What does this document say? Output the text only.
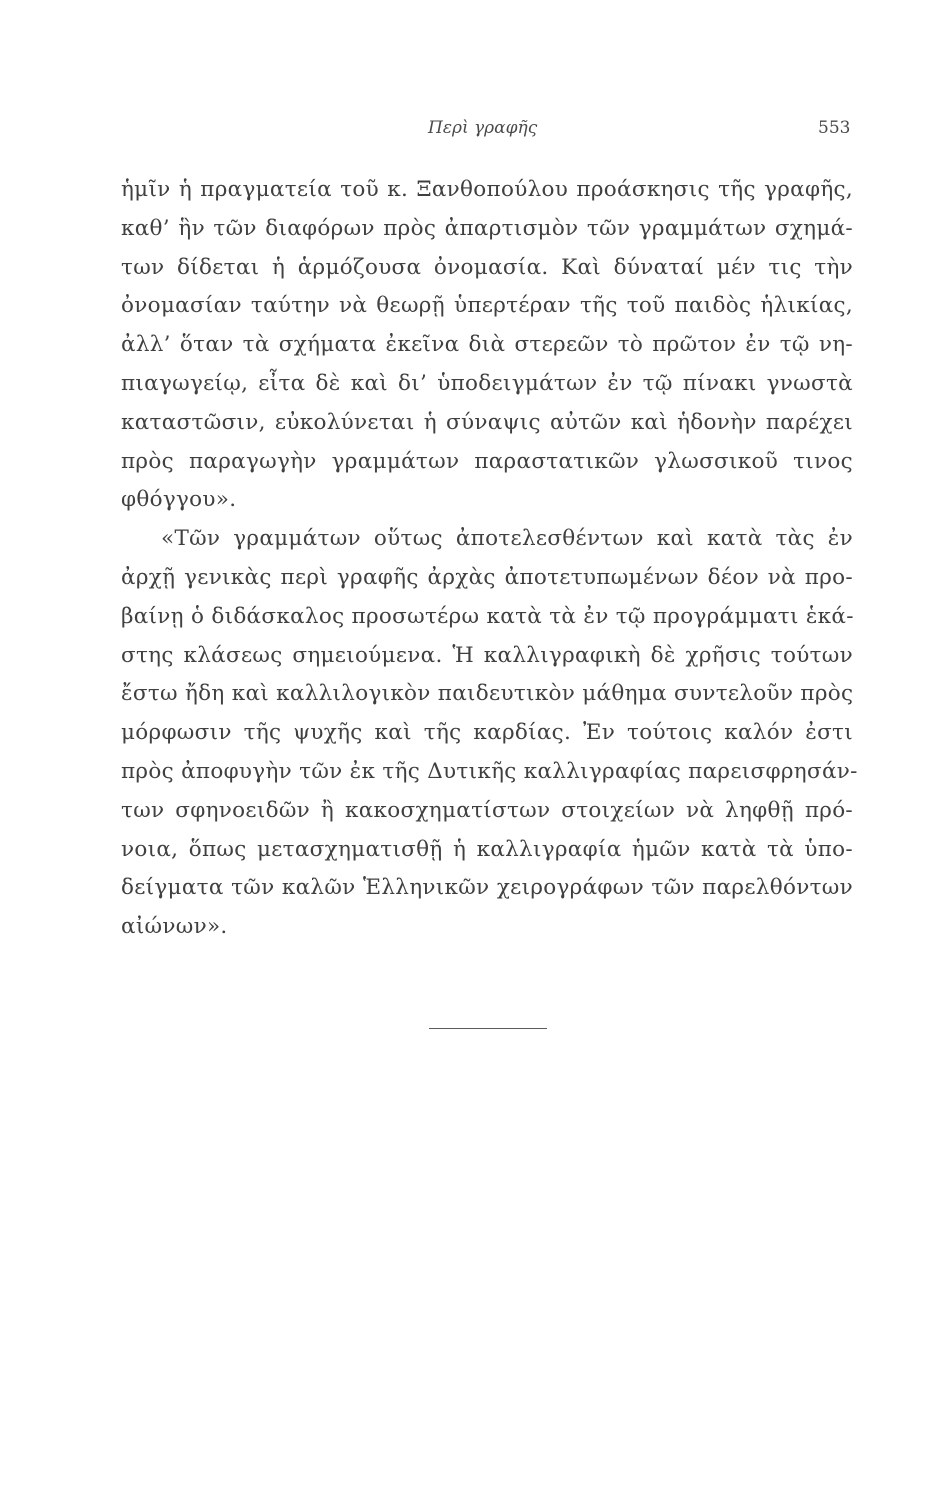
Περὶ γραφῆς	553
ἡμῖν ἡ πραγματεία τοῦ κ. Ξανθοπούλου προάσκησις τῆς γραφῆς,
καθ’ ἣν τῶν διαφόρων πρὸς ἀπαρτισμὸν τῶν γραμμάτων σχημά-
των δίδεται ἡ ἁρμόζουσα ὀνομασία. Καὶ δύναταί μέν τις τὴν
ὀνομασίαν ταύτην νὰ θεωρῇ ὑπερτέραν τῆς τοῦ παιδὸς ἡλικίας,
ἀλλ’ ὅταν τὰ σχήματα ἐκεῖνα διὰ στερεῶν τὸ πρῶτον ἐν τῷ νη-
πιαγωγείῳ, εἶτα δὲ καὶ δι’ ὑποδειγμάτων ἐν τῷ πίνακι γνωστὰ
καταστῶσιν, εὐκολύνεται ἡ σύναψις αὐτῶν καὶ ἡδονὴν παρέχει
πρὸς παραγωγὴν γραμμάτων παραστατικῶν γλωσσικοῦ τινος
φθόγγου».
«Τῶν γραμμάτων οὕτως ἀποτελεσθέντων καὶ κατὰ τὰς ἐν
ἀρχῇ γενικὰς περὶ γραφῆς ἀρχὰς ἀποτετυπωμένων δέον νὰ προ-
βαίνῃ ὁ διδάσκαλος προσωτέρω κατὰ τὰ ἐν τῷ προγράμματι ἑκά-
στης κλάσεως σημειούμενα. Ἡ καλλιγραφικὴ δὲ χρῆσις τούτων
ἔστω ἤδη καὶ καλλιλογικὸν παιδευτικὸν μάθημα συντελοῦν πρὸς
μόρφωσιν τῆς ψυχῆς καὶ τῆς καρδίας. Ἐν τούτοις καλόν ἐστι
πρὸς ἀποφυγὴν τῶν ἐκ τῆς Δυτικῆς καλλιγραφίας παρεισφρησάν-
των σφηνοειδῶν ἢ κακοσχηματίστων στοιχείων νὰ ληφθῇ πρό-
νοια, ὅπως μετασχηματισθῇ ἡ καλλιγραφία ἡμῶν κατὰ τὰ ὑπο-
δείγματα τῶν καλῶν Ἑλληνικῶν χειρογράφων τῶν παρελθόντων
αἰώνων».
